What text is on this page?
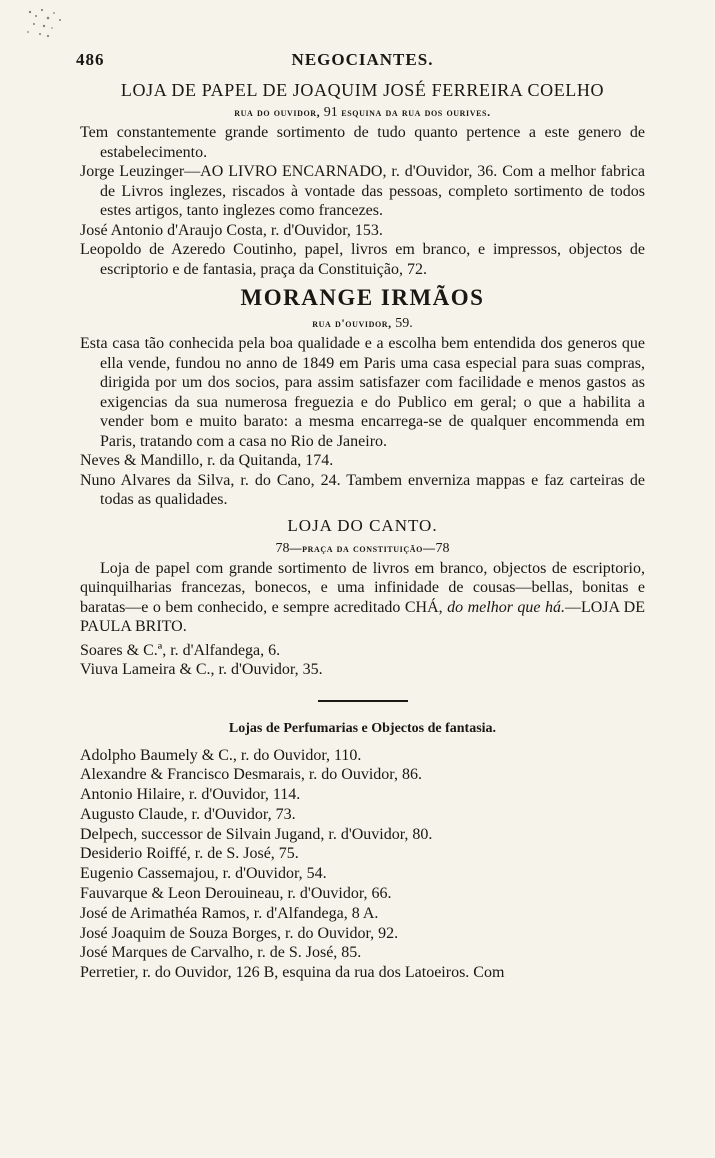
486	NEGOCIANTES.
LOJA DE PAPEL DE JOAQUIM JOSÉ FERREIRA COELHO
rua do ouvidor, 91 esquina da rua dos ourives.

Tem constantemente grande sortimento de tudo quanto pertence a este genero de estabelecimento.

Jorge Leuzinger—AO LIVRO ENCARNADO, r. d'Ouvidor, 36. Com a melhor fabrica de Livros inglezes, riscados à vontade das pessoas, completo sortimento de todos estes artigos, tanto inglezes como francezes.

José Antonio d'Araujo Costa, r. d'Ouvidor, 153.

Leopoldo de Azeredo Coutinho, papel, livros em branco, e impressos, objectos de escriptorio e de fantasia, praça da Constituição, 72.

MORANGE IRMÃOS
rua d'ouvidor, 59.

Esta casa tão conhecida pela boa qualidade e a escolha bem entendida dos generos que ella vende, fundou no anno de 1849 em Paris uma casa especial para suas compras, dirigida por um dos socios, para assim satisfazer com facilidade e menos gastos as exigencias da sua numerosa freguezia e do Publico em geral; o que a habilita a vender bom e muito barato: a mesma encarrega-se de qualquer encommenda em Paris, tratando com a casa no Rio de Janeiro.

Neves & Mandillo, r. da Quitanda, 174.

Nuno Alvares da Silva, r. do Cano, 24. Tambem enverniza mappas e faz carteiras de todas as qualidades.

LOJA DO CANTO.
78—praça da constituição—78

Loja de papel com grande sortimento de livros em branco, objectos de escriptorio, quinquilharias francezas, bonecos, e uma infinidade de cousas—bellas, bonitas e baratas—e o bem conhecido, e sempre acreditado CHÁ, do melhor que há.—LOJA DE PAULA BRITO.

Soares & C.ª, r. d'Alfandega, 6.

Viuva Lameira & C., r. d'Ouvidor, 35.

Lojas de Perfumarias e Objectos de fantasia.

Adolpho Baumely & C., r. do Ouvidor, 110.

Alexandre & Francisco Desmarais, r. do Ouvidor, 86.

Antonio Hilaire, r. d'Ouvidor, 114.

Augusto Claude, r. d'Ouvidor, 73.

Delpech, successor de Silvain Jugand, r. d'Ouvidor, 80.

Desiderio Roiffé, r. de S. José, 75.

Eugenio Cassemajou, r. d'Ouvidor, 54.

Fauvarque & Leon Derouineau, r. d'Ouvidor, 66.

José de Arimathéa Ramos, r. d'Alfandega, 8 A.

José Joaquim de Souza Borges, r. do Ouvidor, 92.

José Marques de Carvalho, r. de S. José, 85.

Perretier, r. do Ouvidor, 126 B, esquina da rua dos Latoeiros. Com
